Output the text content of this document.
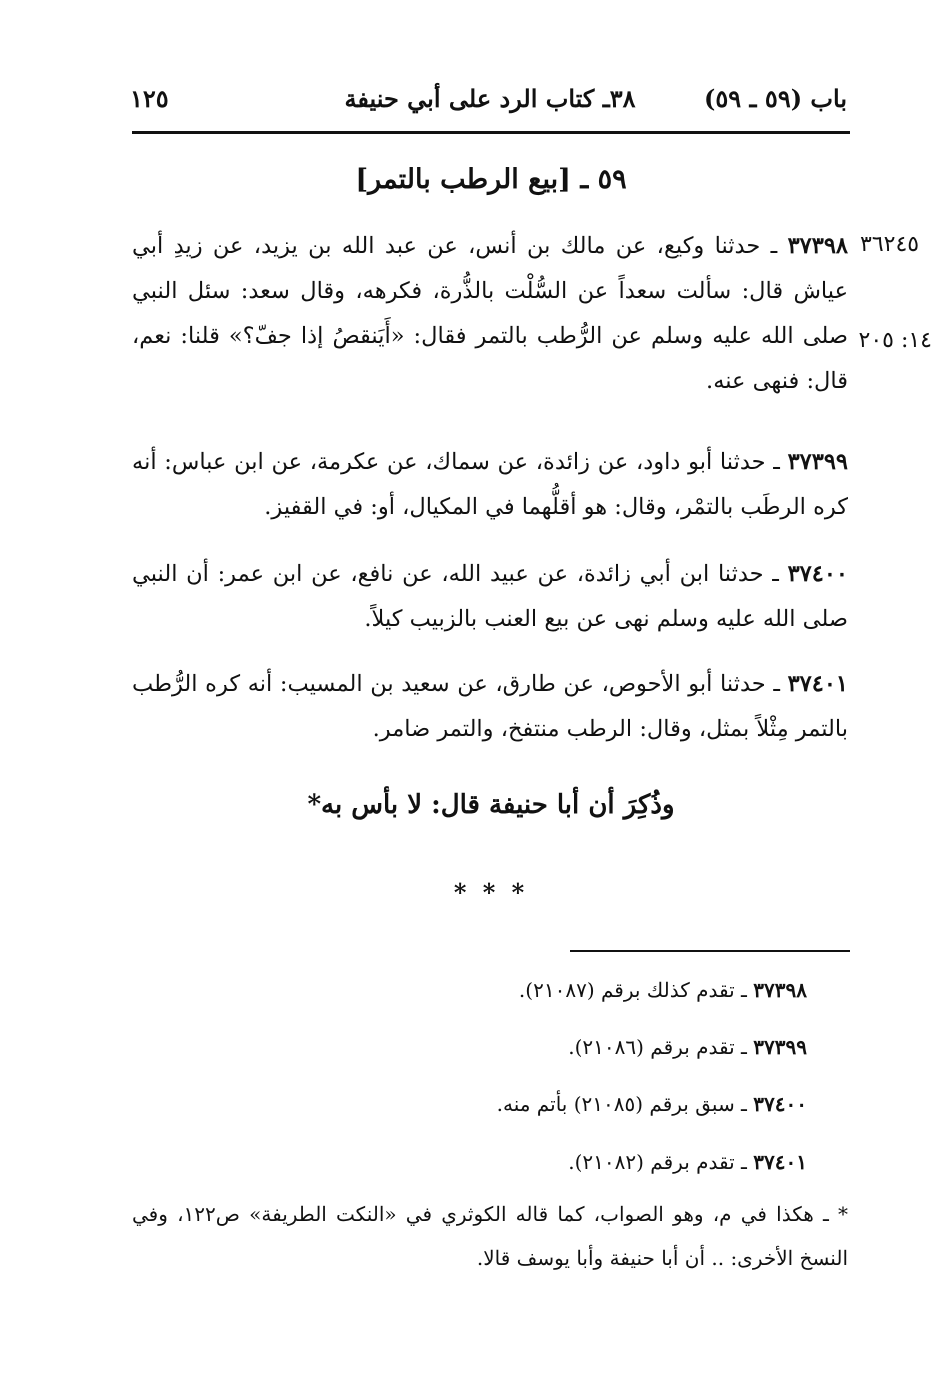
باب (٥٩ ـ ٥٩)
٣٨ـ كتاب الرد على أبي حنيفة
١٢٥
٥٩ ـ [بيع الرطب بالتمر]
٣٦٢٤٥
١٤: ٢٠٥
٣٧٣٩٨ ـ حدثنا وكيع، عن مالك بن أنس، عن عبد الله بن يزيد، عن زيدِ أبي عياش قال: سألت سعداً عن السُّلْت بالذُّرة، فكرهه، وقال سعد: سئل النبي صلى الله عليه وسلم عن الرُّطب بالتمر فقال: «أَيَنقصُ إذا جفّ؟» قلنا: نعم، قال: فنهى عنه.
٣٧٣٩٩ ـ حدثنا أبو داود، عن زائدة، عن سماك، عن عكرمة، عن ابن عباس: أنه كره الرطَب بالتمْر، وقال: هو أقلُّهما في المكيال، أو: في القفيز.
٣٧٤٠٠ ـ حدثنا ابن أبي زائدة، عن عبيد الله، عن نافع، عن ابن عمر: أن النبي صلى الله عليه وسلم نهى عن بيع العنب بالزبيب كيلاً.
٣٧٤٠١ ـ حدثنا أبو الأحوص، عن طارق، عن سعيد بن المسيب: أنه كره الرُّطب بالتمر مِثْلاً بمثل، وقال: الرطب منتفخ، والتمر ضامر.
وذُكِرَ أن أبا حنيفة قال: لا بأس به*
* * *
٣٧٣٩٨ ـ تقدم كذلك برقم (٢١٠٨٧).
٣٧٣٩٩ ـ تقدم برقم (٢١٠٨٦).
٣٧٤٠٠ ـ سبق برقم (٢١٠٨٥) بأتم منه.
٣٧٤٠١ ـ تقدم برقم (٢١٠٨٢).
* ـ هكذا في م، وهو الصواب، كما قاله الكوثري في «النكت الطريفة» ص١٢٢، وفي النسخ الأخرى: .. أن أبا حنيفة وأبا يوسف قالا.
